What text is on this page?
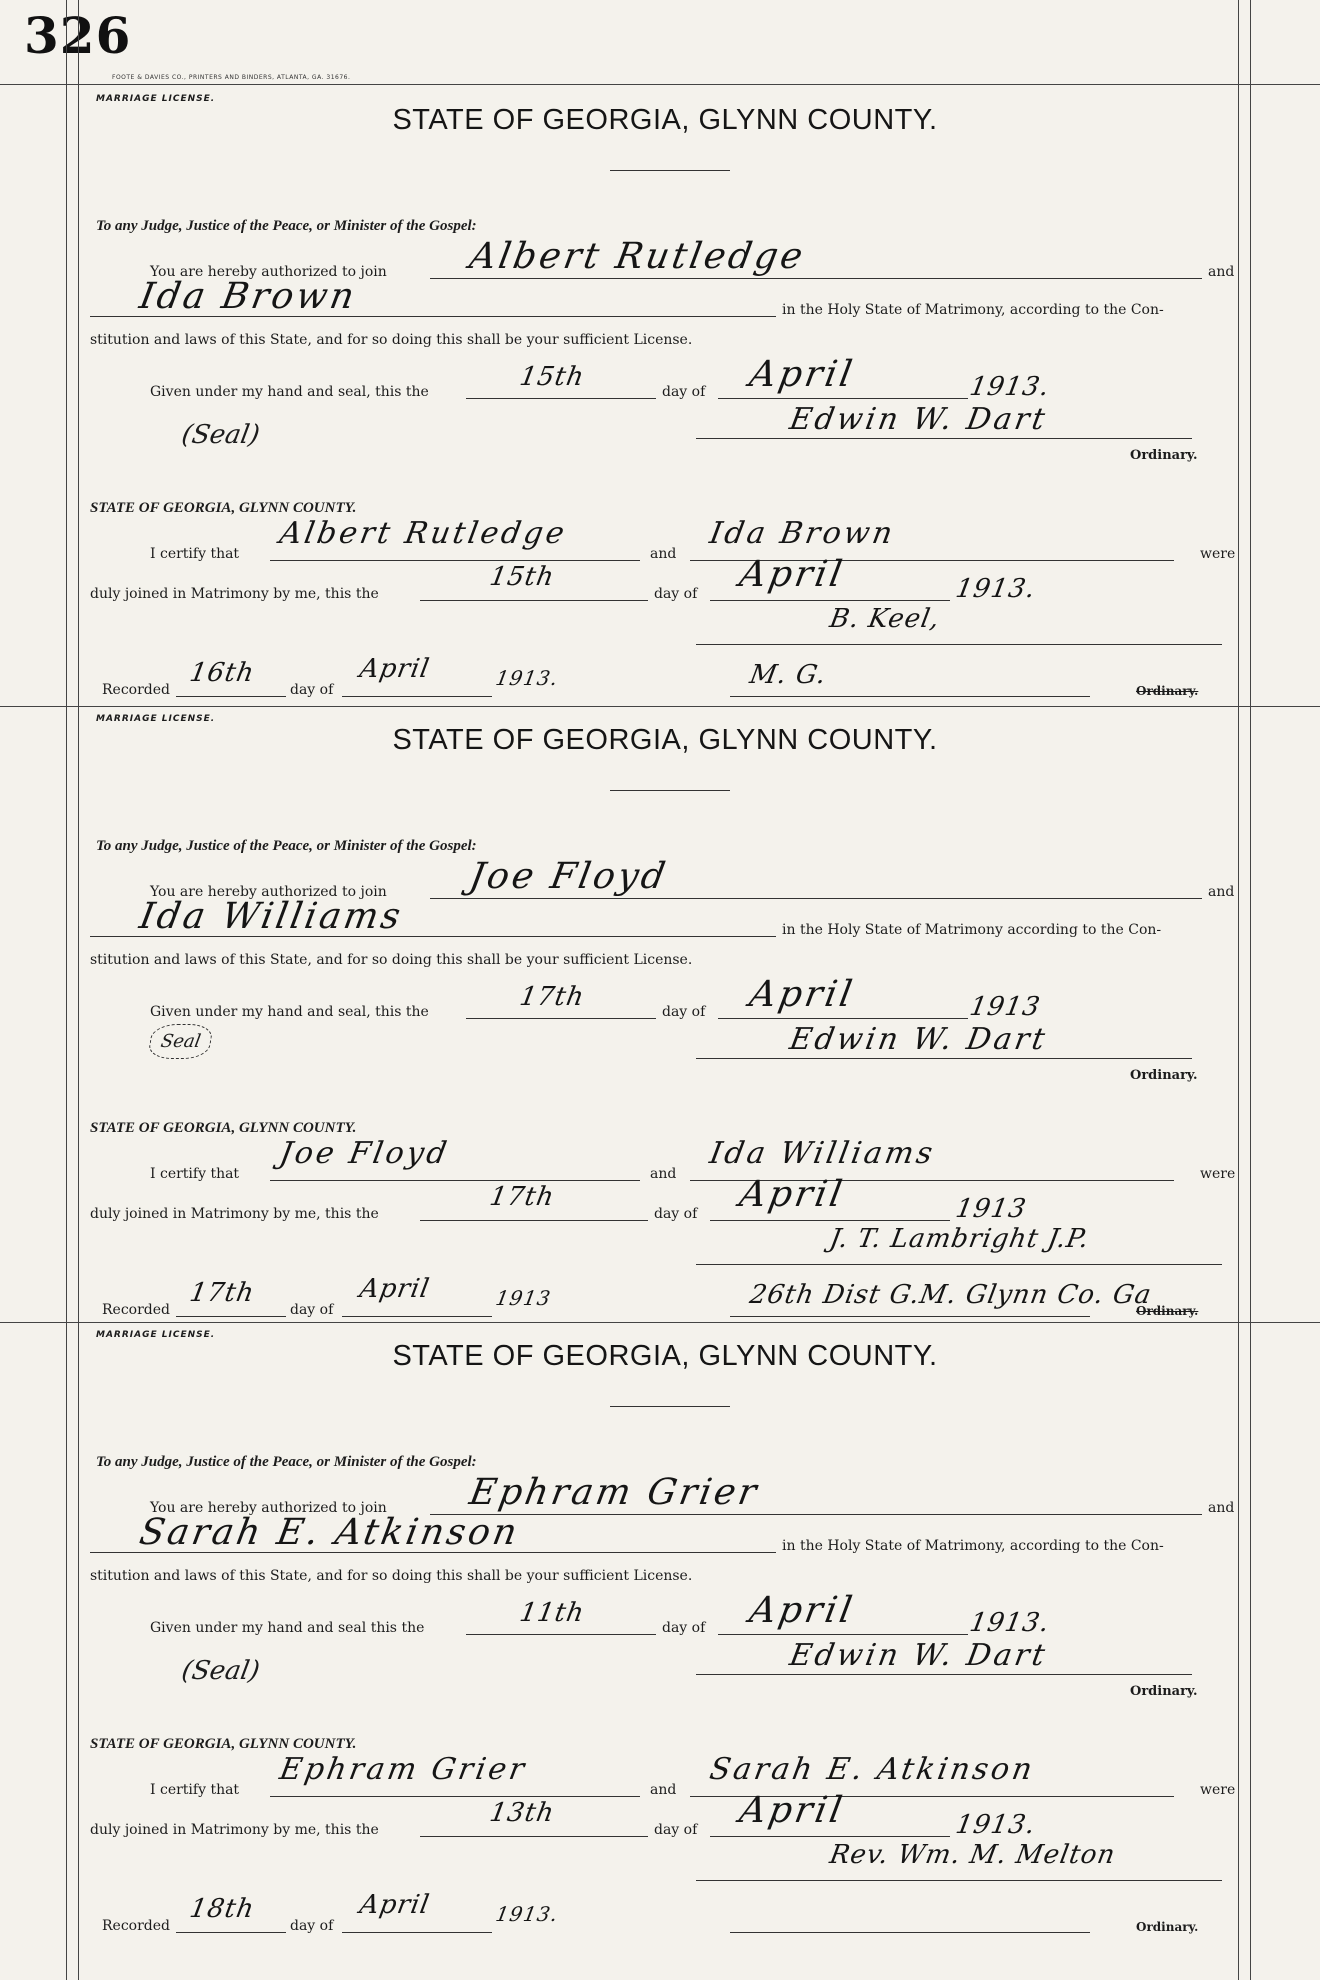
326
FOOTE & DAVIES CO., PRINTERS AND BINDERS, ATLANTA, GA. 31676.
MARRIAGE LICENSE.
STATE OF GEORGIA, GLYNN COUNTY.
To any Judge, Justice of the Peace, or Minister of the Gospel:
You are hereby authorized to join Albert Rutledge	and
Ida Brown	in the Holy State of Matrimony, according to the Con-
stitution and laws of this State, and for so doing this shall be your sufficient License.
Given under my hand and seal, this the	15th	day of April	1913.
(Seal)	Edwin W. Dart
Ordinary.
STATE OF GEORGIA, GLYNN COUNTY.
I certify that
Albert Rutledge
and
Ida Brown
were
duly joined in Matrimony by me, this the
15th
day of April	1913.
B. Keel,
Recorded
16th
day of
April	1913.	M. G.
Ordinary.
MARRIAGE LICENSE.
STATE OF GEORGIA, GLYNN COUNTY.
To any Judge, Justice of the Peace, or Minister of the Gospel:
You are hereby authorized to join Joe Floyd	and
Ida Williams	in the Holy State of Matrimony according to the Con-
stitution and laws of this State, and for so doing this shall be your sufficient License.
Given under my hand and seal, this the	17th	day of April	1913
Seal	Edwin W. Dart
Ordinary.
STATE OF GEORGIA, GLYNN COUNTY.
I certify that
Joe Floyd
and
Ida Williams
were
duly joined in Matrimony by me, this the
17th
day of April	1913
J. T. Lambright J.P.
Recorded
17th
day of
April	1913	26th Dist G.M. Glynn Co. Ga
Ordinary.
MARRIAGE LICENSE.
STATE OF GEORGIA, GLYNN COUNTY.
To any Judge, Justice of the Peace, or Minister of the Gospel:
You are hereby authorized to join Ephram Grier	and
Sarah E. Atkinson	in the Holy State of Matrimony, according to the Con-
stitution and laws of this State, and for so doing this shall be your sufficient License.
Given under my hand and seal this the	11th	day of April	1913.
(Seal)	Edwin W. Dart
Ordinary.
STATE OF GEORGIA, GLYNN COUNTY.
I certify that
Ephram Grier
and
Sarah E. Atkinson
were
duly joined in Matrimony by me, this the
13th
day of April	1913.
Rev. Wm. M. Melton
Recorded
18th
day of
April	1913.
Ordinary.
